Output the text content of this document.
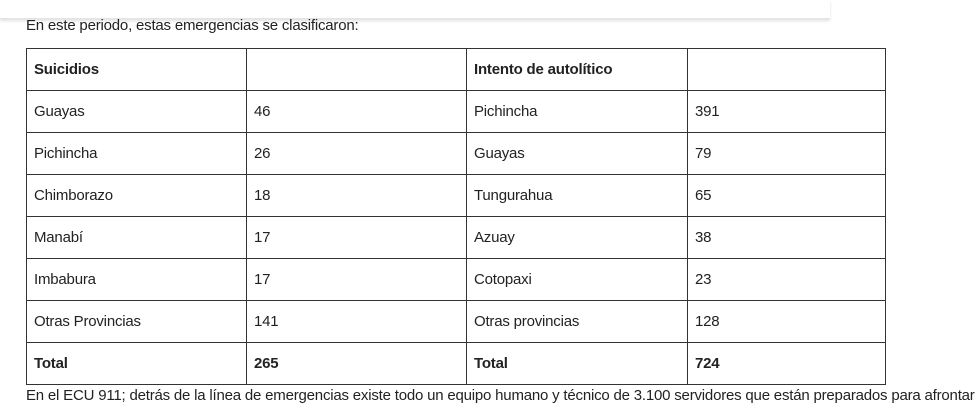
En este periodo, estas emergencias se clasificaron:

Suicidios		Intento de autolítico	
Guayas	46	Pichincha	391
Pichincha	26	Guayas	79
Chimborazo	18	Tungurahua	65
Manabí	17	Azuay	38
Imbabura	17	Cotopaxi	23
Otras Provincias	141	Otras provincias	128
Total	265	Total	724
En el ECU 911; detrás de la línea de emergencias existe todo un equipo humano y técnico de 3.100 servidores que están preparados para afrontar
